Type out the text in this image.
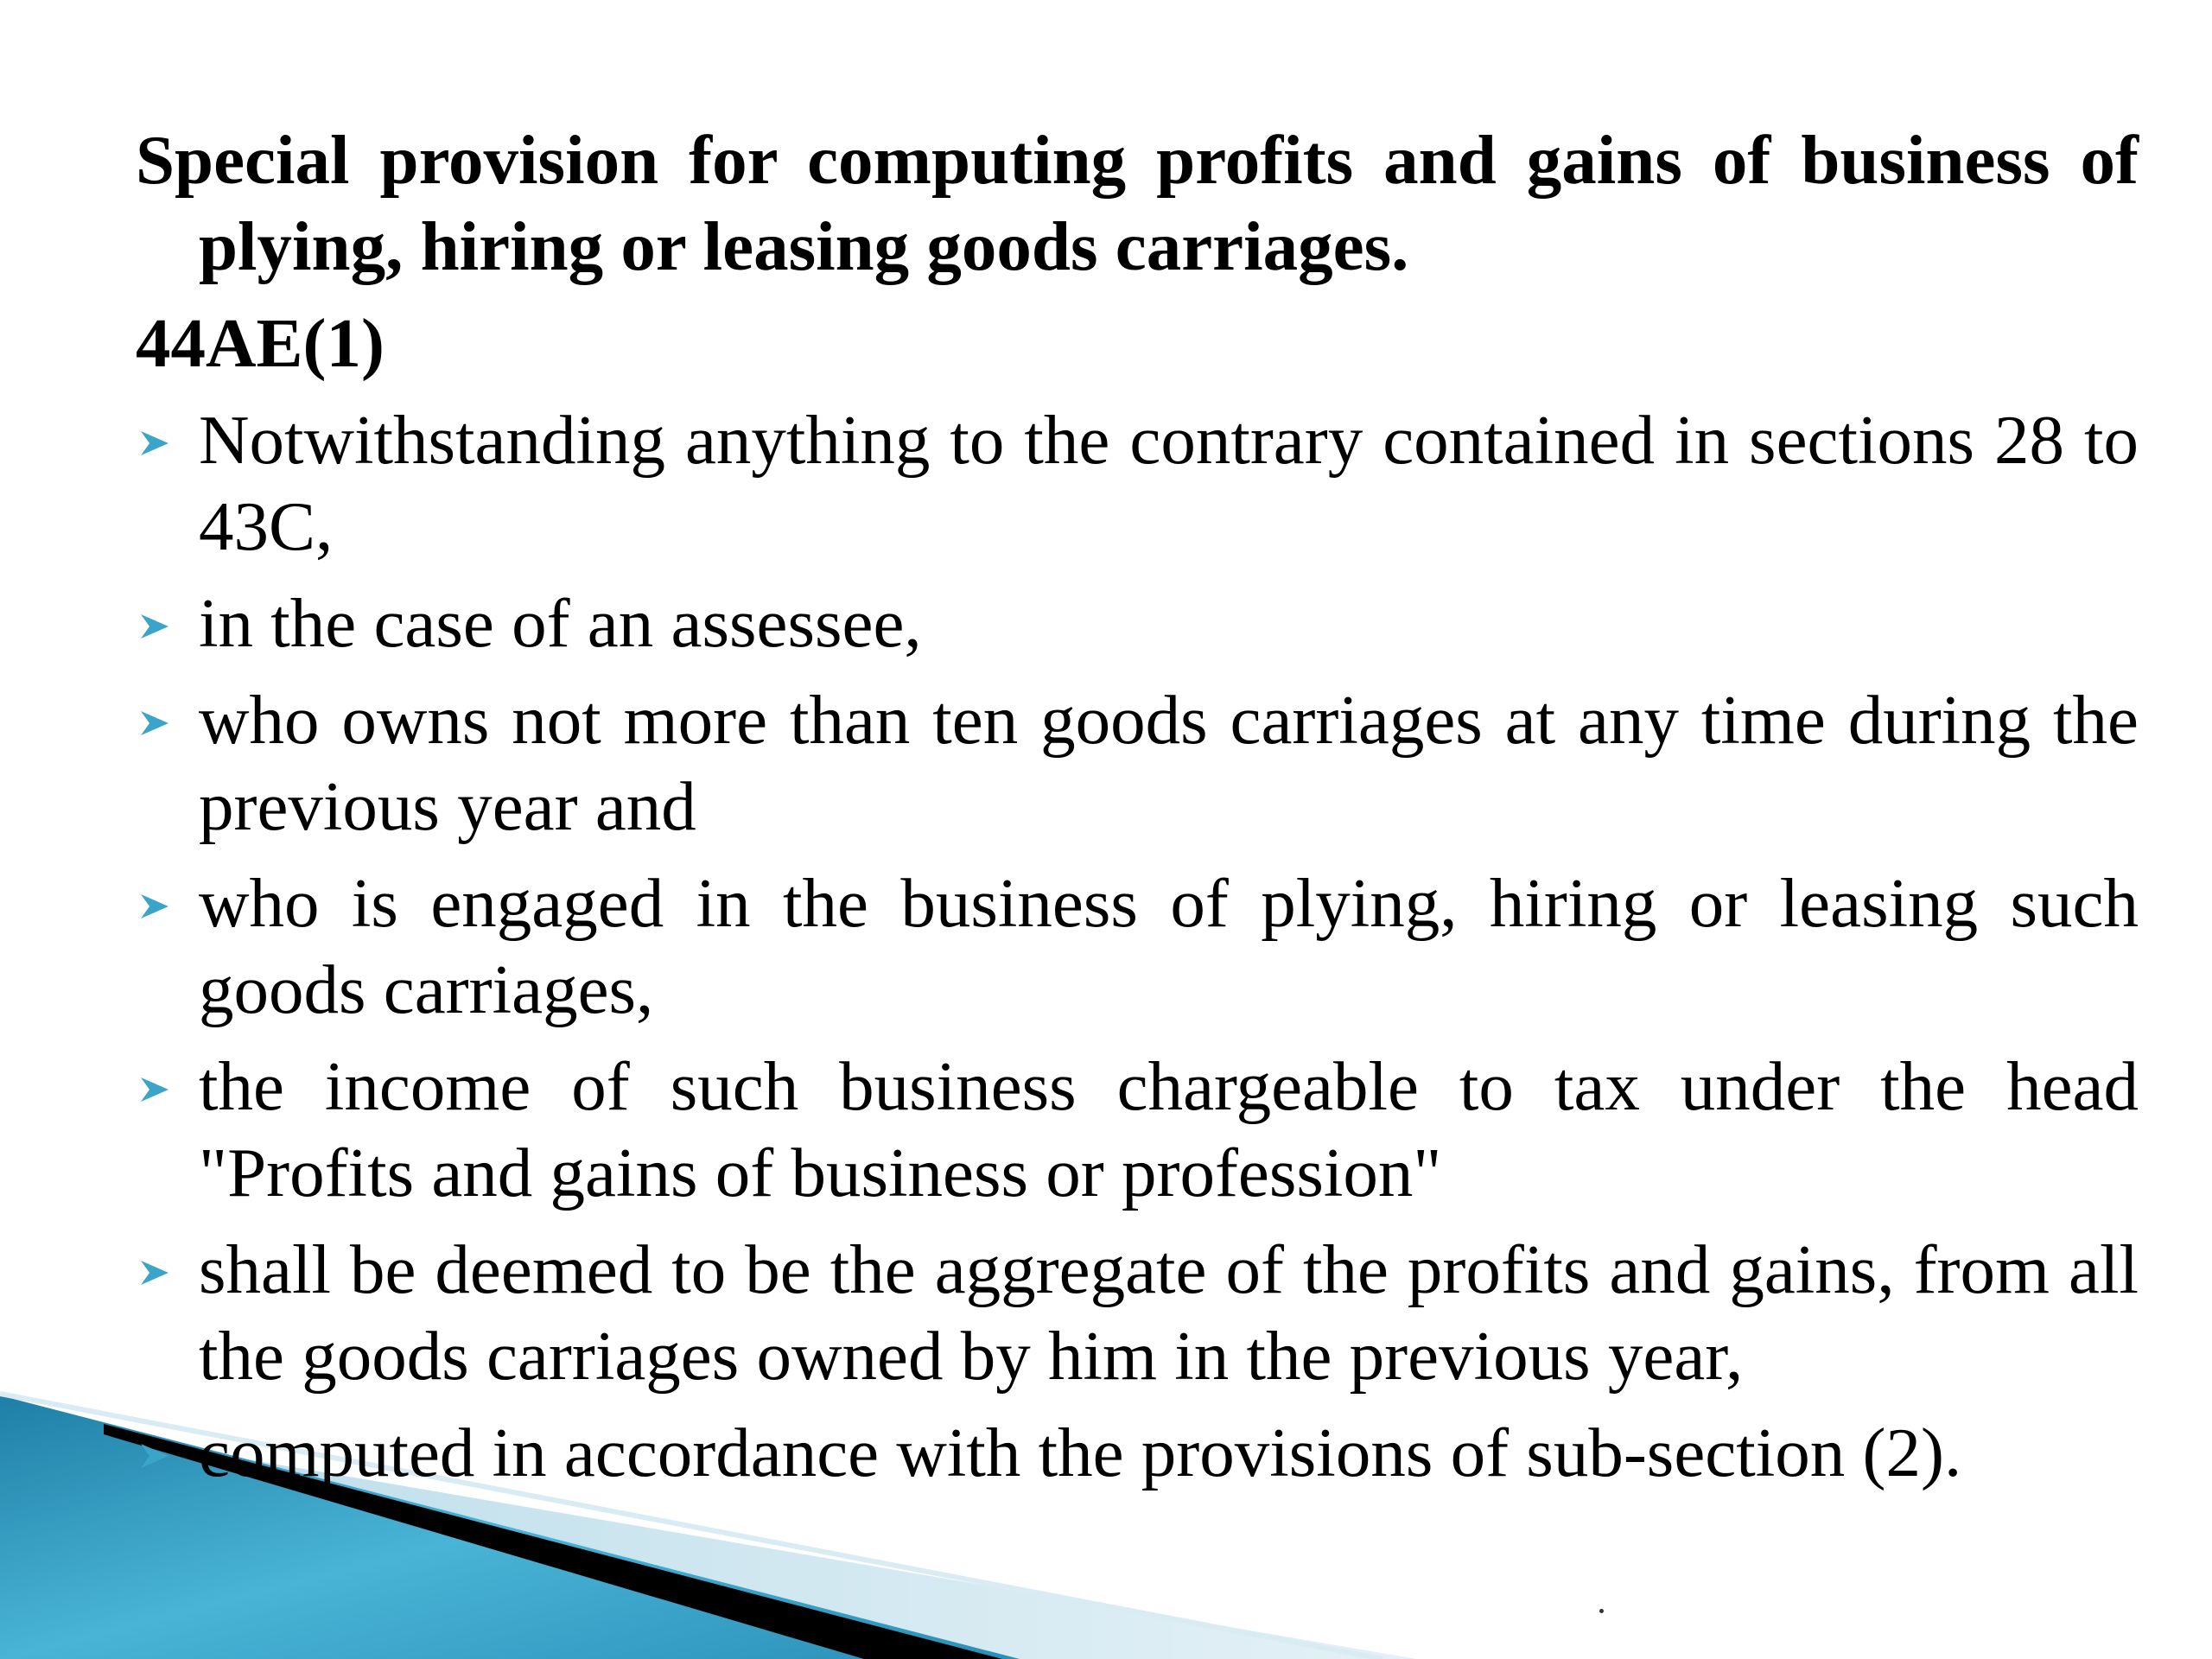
Special provision for computing profits and gains of business of plying, hiring or leasing goods carriages.

44AE(1)

Notwithstanding anything to the contrary contained in sections 28 to 43C,
in the case of an assessee,
who owns not more than ten goods carriages at any time during the previous year and
who is engaged in the business of plying, hiring or leasing such goods carriages,
the income of such business chargeable to tax under the head "Profits and gains of business or profession"
shall be deemed to be the aggregate of the profits and gains, from all the goods carriages owned by him in the previous year,
computed in accordance with the provisions of sub-section (2).
